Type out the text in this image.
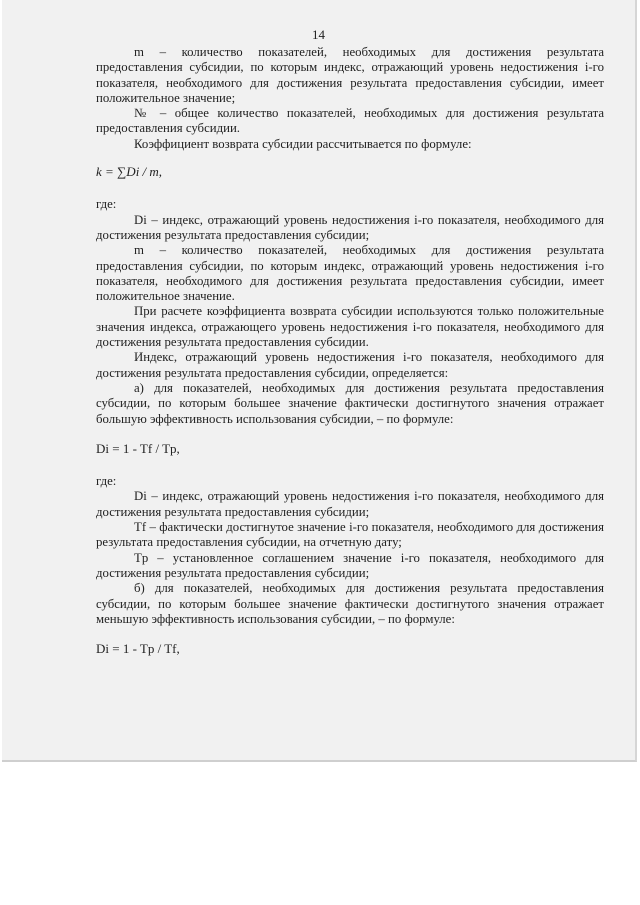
14

m – количество показателей, необходимых для достижения результата предоставления субсидии, по которым индекс, отражающий уровень недостижения i-го показателя, необходимого для достижения результата предоставления субсидии, имеет положительное значение;

№ – общее количество показателей, необходимых для достижения результата предоставления субсидии.

Коэффициент возврата субсидии рассчитывается по формуле:

k = ∑Di / m,

где:

Di – индекс, отражающий уровень недостижения i-го показателя, необходимого для достижения результата предоставления субсидии;

m – количество показателей, необходимых для достижения результата предоставления субсидии, по которым индекс, отражающий уровень недостижения i-го показателя, необходимого для достижения результата предоставления субсидии, имеет положительное значение.

При расчете коэффициента возврата субсидии используются только положительные значения индекса, отражающего уровень недостижения i-го показателя, необходимого для достижения результата предоставления субсидии.

Индекс, отражающий уровень недостижения i-го показателя, необходимого для достижения результата предоставления субсидии, определяется:

а) для показателей, необходимых для достижения результата предоставления субсидии, по которым большее значение фактически достигнутого значения отражает большую эффективность использования субсидии, – по формуле:

Di = 1 - Tf / Tp,

где:

Di – индекс, отражающий уровень недостижения i-го показателя, необходимого для достижения результата предоставления субсидии;

Tf – фактически достигнутое значение i-го показателя, необходимого для достижения результата предоставления субсидии, на отчетную дату;

Tp – установленное соглашением значение i-го показателя, необходимого для достижения результата предоставления субсидии;

б) для показателей, необходимых для достижения результата предоставления субсидии, по которым большее значение фактически достигнутого значения отражает меньшую эффективность использования субсидии, – по формуле:

Di = 1 - Tp / Tf,
